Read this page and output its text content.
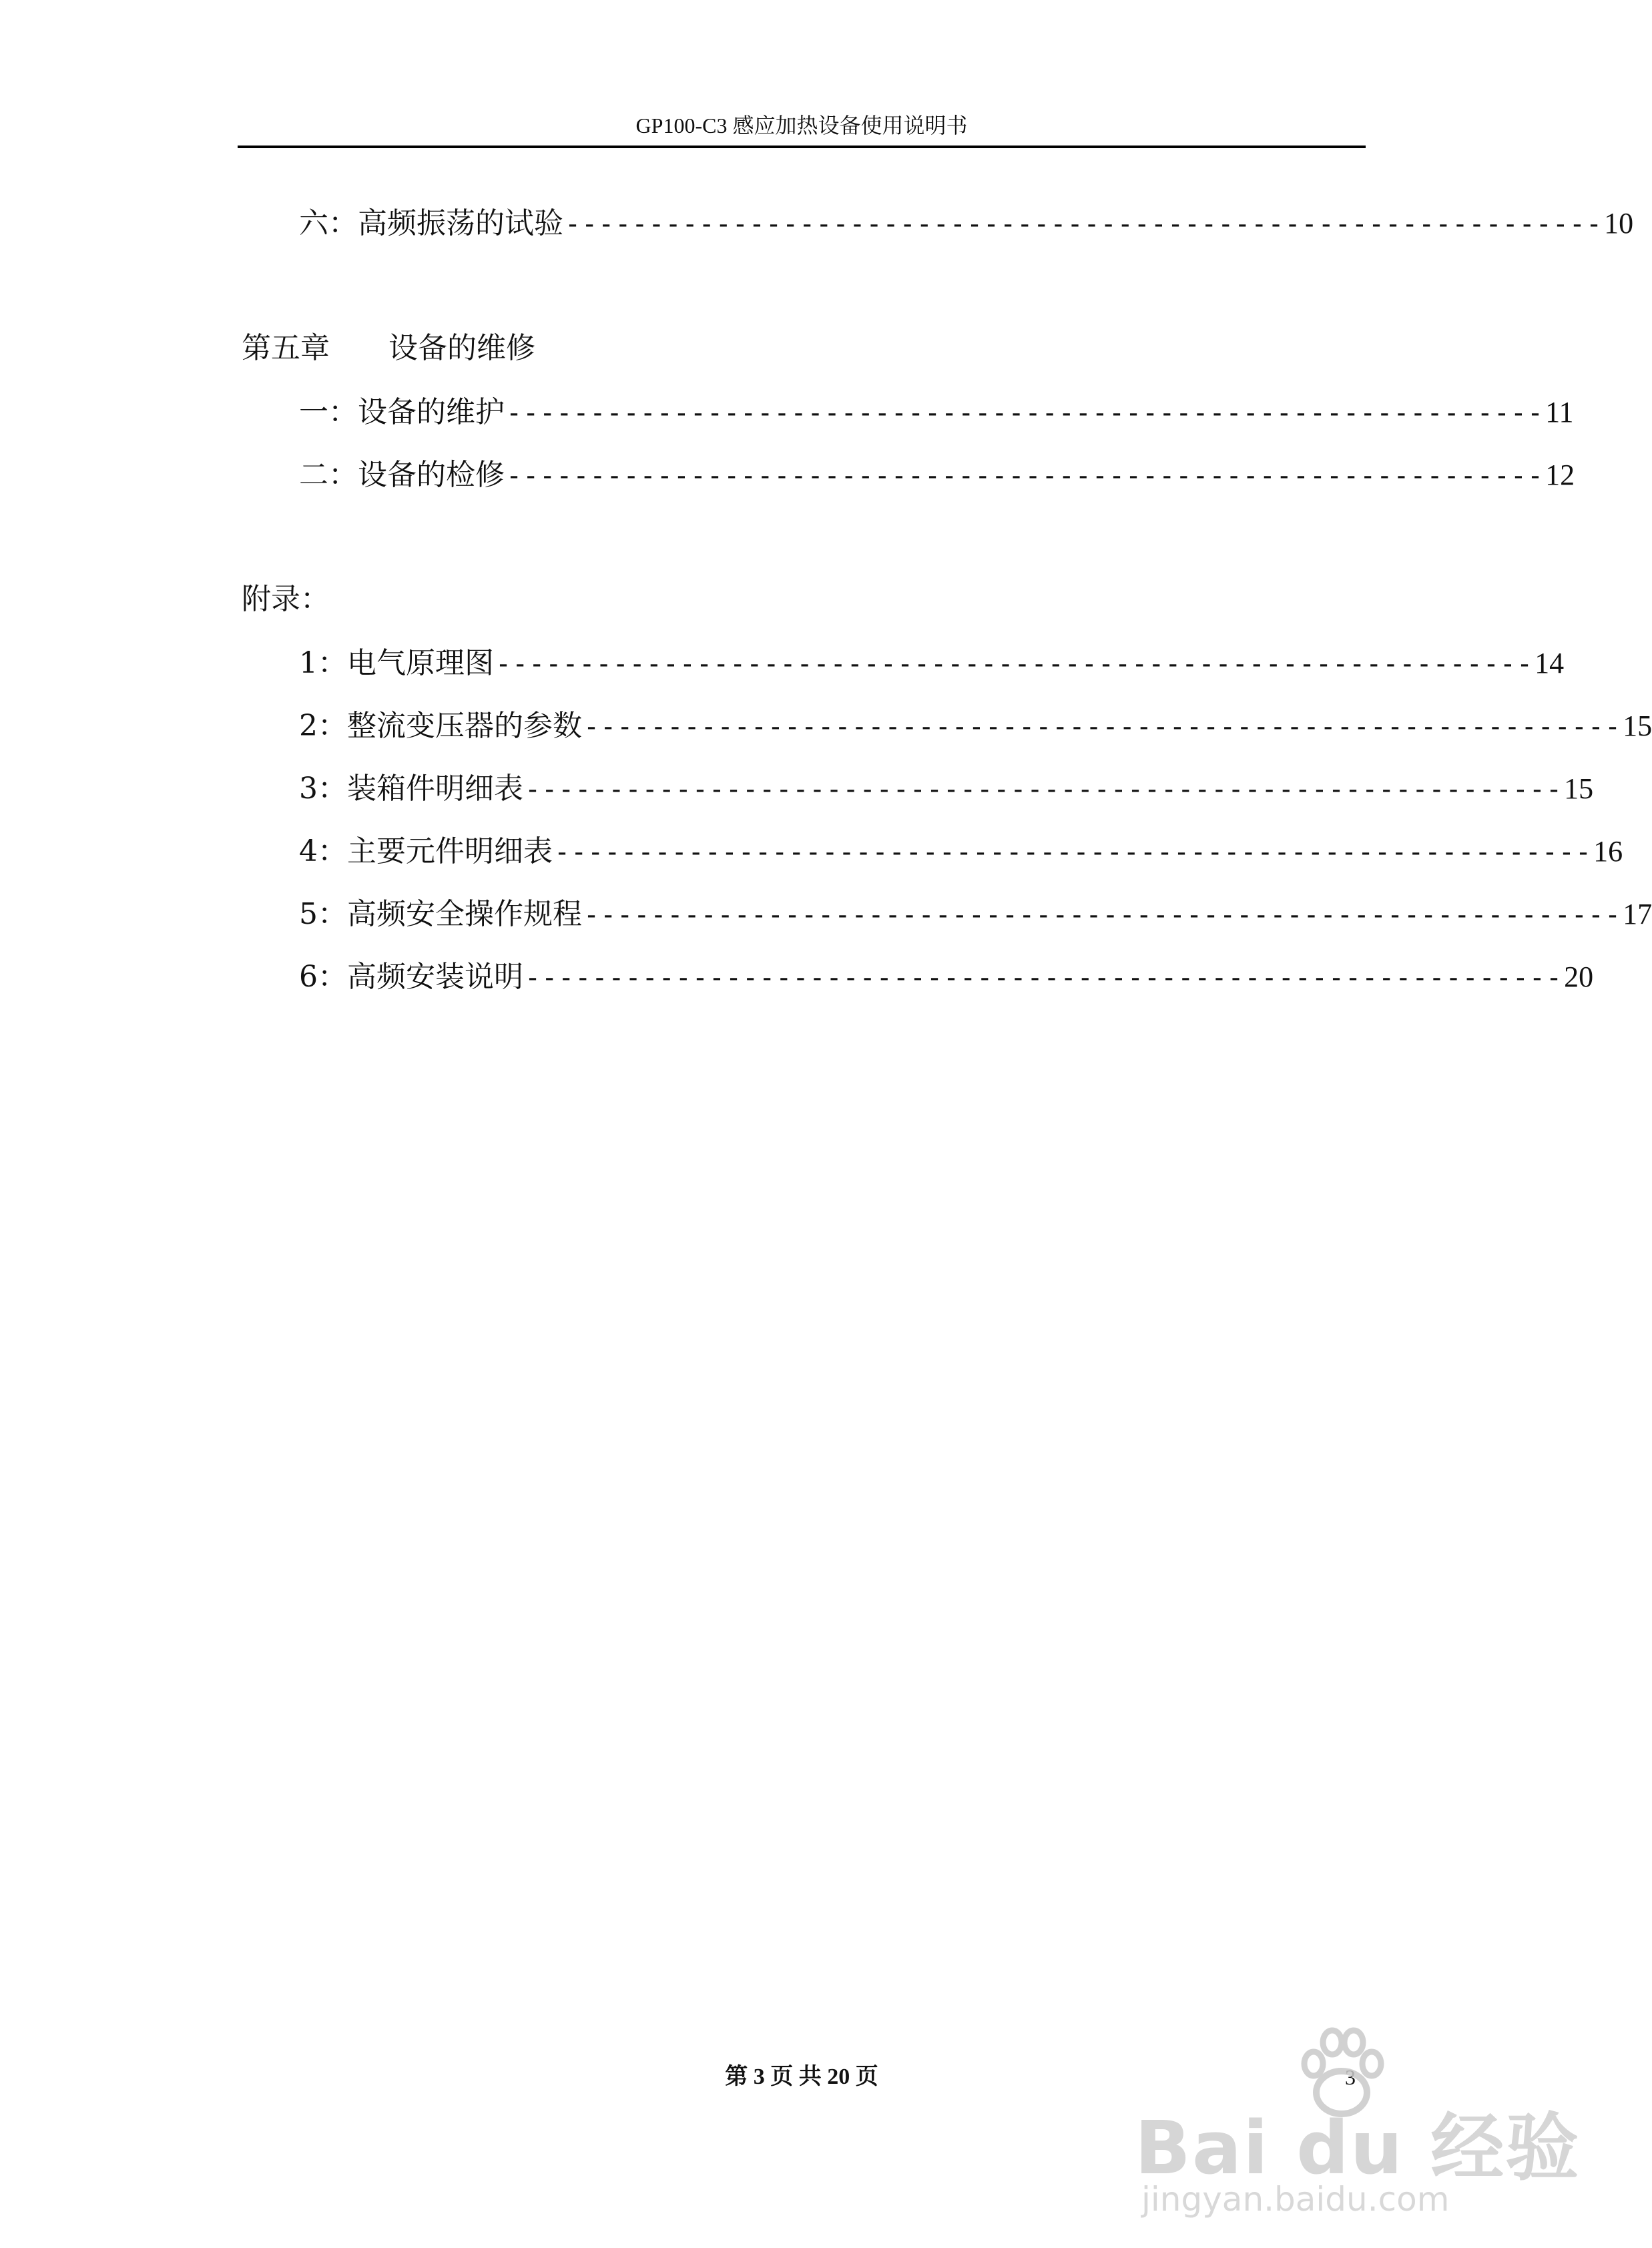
GP100-C3 感应加热设备使用说明书
六： 高频振荡的试验 -------------------------------------------------------------- 10
第五章 设备的维修
一： 设备的维护 -------------------------------------------------------------- 11
二： 设备的检修 -------------------------------------------------------------- 12
附录：
1： 电气原理图 -------------------------------------------------------------- 14
2： 整流变压器的参数 -------------------------------------------------------------- 15
3： 装箱件明细表 -------------------------------------------------------------- 15
4： 主要元件明细表 -------------------------------------------------------------- 16
5： 高频安全操作规程 -------------------------------------------------------------- 17
6： 高频安装说明 -------------------------------------------------------------- 20
第 3 页 共 20 页	3
Bai du 经验
jingyan.baidu.com
